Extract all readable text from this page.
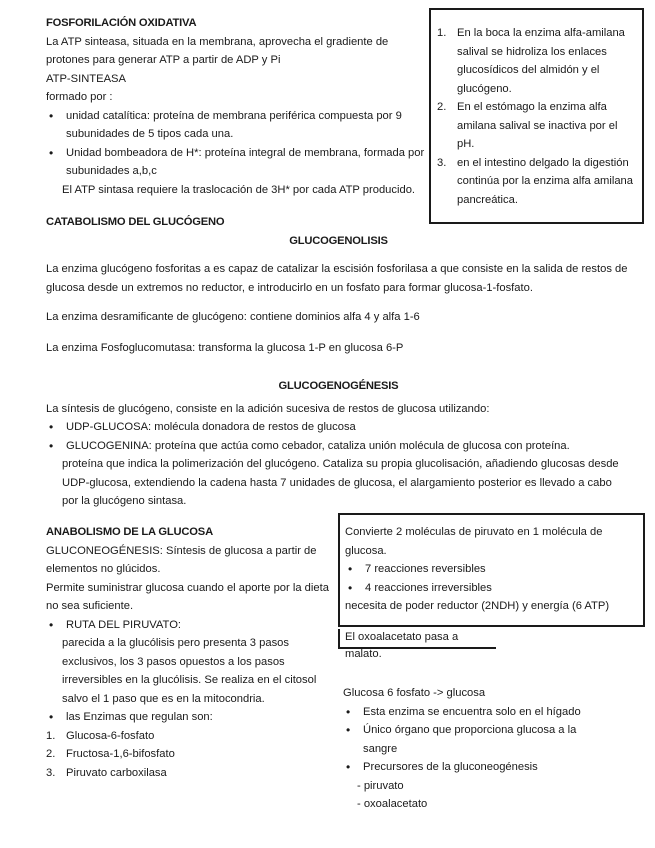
FOSFORILACIÓN OXIDATIVA

La ATP sinteasa, situada en la membrana, aprovecha el gradiente de

protones para generar ATP a partir de ADP y Pi

ATP-SINTEASA

formado por :

• unidad catalítica: proteína de membrana periférica compuesta por 9 subunidades de 5 tipos cada una.
• Unidad bombeadora de H*: proteína integral de membrana, formada por subunidades a,b,c

El ATP sintasa requiere la traslocación de 3H* por cada ATP producido.

1. En la boca la enzima alfa-amilana salival se hidroliza los enlaces glucosídicos del almidón y el glucógeno.
2. En el estómago la enzima alfa amilana salival se inactiva por el pH.
3. en el intestino delgado la digestión continúa por la enzima alfa amilana pancreática.

CATABOLISMO DEL GLUCÓGENO

GLUCOGENOLISIS

La enzima glucógeno fosforitas a es capaz de catalizar la escisión fosforilasa a que consiste en la salida de restos de glucosa desde un extremos no reductor, e introducirlo en un fosfato para formar glucosa-1-fosfato.

La enzima desramificante de glucógeno: contiene dominios alfa 4 y alfa 1-6

La enzima Fosfoglucomutasa: transforma la glucosa 1-P en glucosa 6-P

GLUCOGENOGÉNESIS

La síntesis de glucógeno, consiste en la adición sucesiva de restos de glucosa utilizando:

• UDP-GLUCOSA: molécula donadora de restos de glucosa
• GLUCOGENINA: proteína que actúa como cebador, cataliza unión molécula de glucosa con proteína.

proteína que indica la polimerización del glucógeno. Cataliza su propia glucolisación, añadiendo glucosas desde UDP-glucosa, extendiendo la cadena hasta 7 unidades de glucosa, el alargamiento posterior es llevado a cabo por la glucógeno sintasa.

ANABOLISMO DE LA GLUCOSA

GLUCONEOGÉNESIS: Síntesis de glucosa a partir de elementos no glúcidos.

Permite suministrar glucosa cuando el aporte por la dieta no sea suficiente.

• RUTA DEL PIRUVATO:

parecida a la glucólisis pero presenta 3 pasos exclusivos, los 3 pasos opuestos a los pasos irreversibles en la glucólisis. Se realiza en el citosol salvo el 1 paso que es en la mitocondria.

• las Enzimas que regulan son:
1. Glucosa-6-fosfato
2. Fructosa-1,6-bifosfato
3. Piruvato carboxilasa

Convierte 2 moléculas de piruvato en 1 molécula de glucosa.

• 7 reacciones reversibles
• 4 reacciones irreversibles

necesita de poder reductor (2NDH) y energía (6 ATP)

El oxoalacetato pasa a malato.

Glucosa 6 fosfato -> glucosa

• Esta enzima se encuentra solo en el hígado
• Único órgano que proporciona glucosa a la sangre
• Precursores de la gluconeogénesis

- piruvato

- oxoalacetato
